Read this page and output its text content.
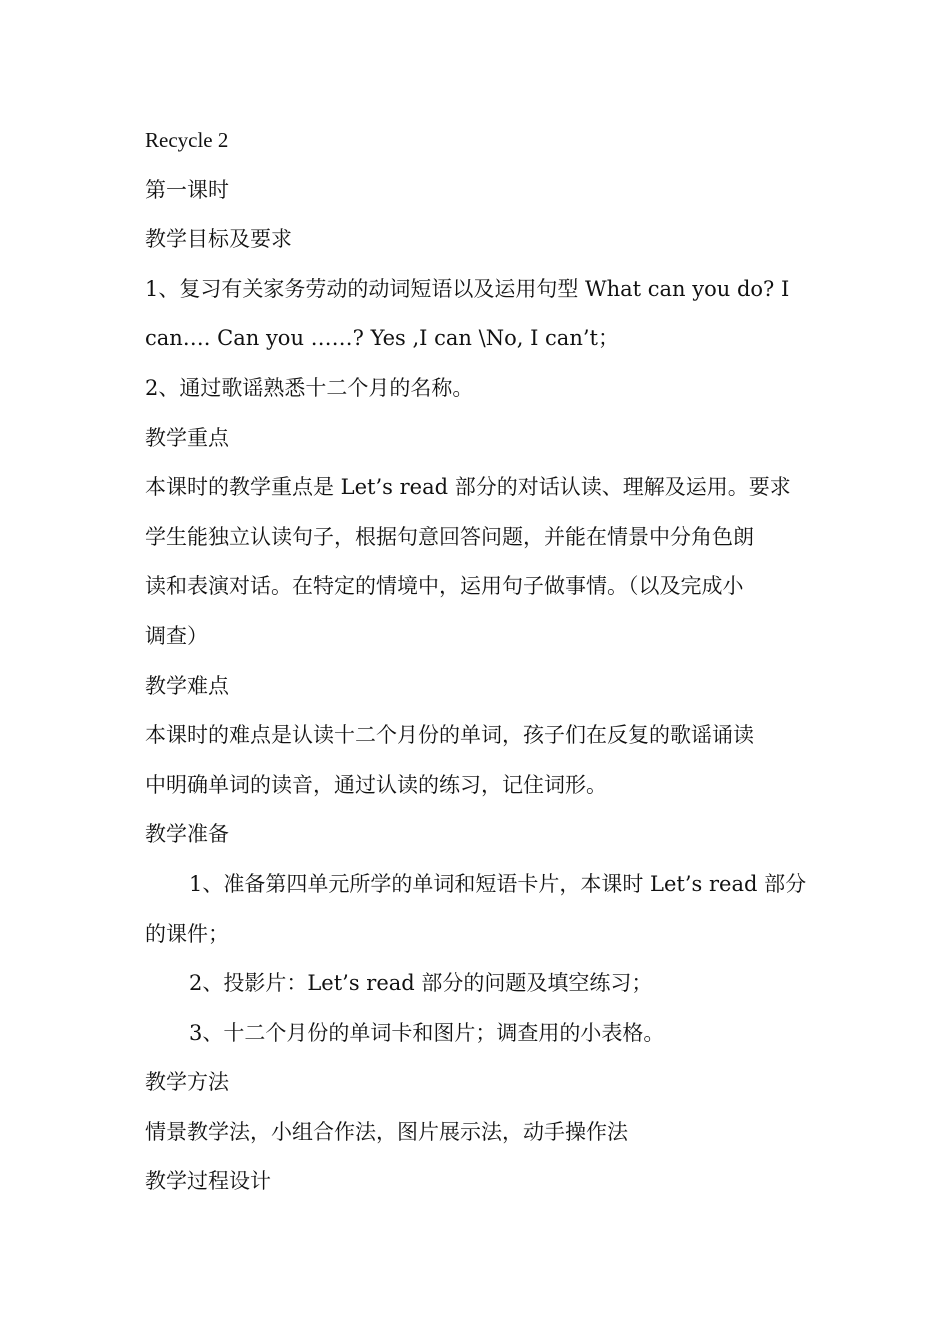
Recycle 2

第一课时

教学目标及要求

1、复习有关家务劳动的动词短语以及运用句型 What can you do? I

can…. Can you ……? Yes ,I can \No, I can’t；

2、通过歌谣熟悉十二个月的名称。

教学重点

本课时的教学重点是 Let’s read 部分的对话认读、理解及运用。要求

学生能独立认读句子，根据句意回答问题，并能在情景中分角色朗

读和表演对话。在特定的情境中，运用句子做事情。（以及完成小

调查）

教学难点

本课时的难点是认读十二个月份的单词，孩子们在反复的歌谣诵读

中明确单词的读音，通过认读的练习，记住词形。

教学准备

1、准备第四单元所学的单词和短语卡片，本课时 Let’s read 部分

的课件；

2、投影片：Let’s read 部分的问题及填空练习；

3、十二个月份的单词卡和图片；调查用的小表格。

教学方法

情景教学法，小组合作法，图片展示法，动手操作法

教学过程设计
